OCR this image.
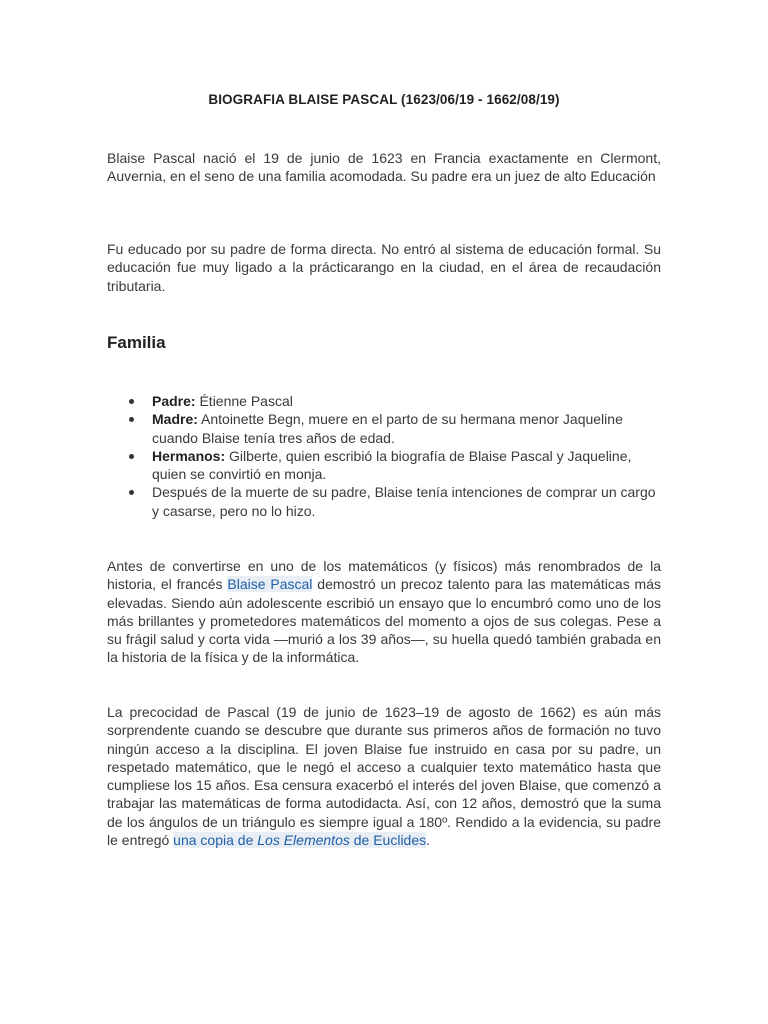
BIOGRAFIA BLAISE PASCAL (1623/06/19 - 1662/08/19)

Blaise Pascal nació el 19 de junio de 1623 en Francia exactamente en Clermont, Auvernia, en el seno de una familia acomodada. Su padre era un juez de alto Educación

Fu educado por su padre de forma directa. No entró al sistema de educación formal. Su educación fue muy ligado a la prácticarango en la ciudad, en el área de recaudación tributaria.

Familia
Padre: Étienne Pascal
Madre: Antoinette Begn, muere en el parto de su hermana menor Jaqueline cuando Blaise tenía tres años de edad.
Hermanos: Gilberte, quien escribió la biografía de Blaise Pascal y Jaqueline, quien se convirtió en monja.
Después de la muerte de su padre, Blaise tenía intenciones de comprar un cargo y casarse, pero no lo hizo.

Antes de convertirse en uno de los matemáticos (y físicos) más renombrados de la historia, el francés Blaise Pascal demostró un precoz talento para las matemáticas más elevadas. Siendo aún adolescente escribió un ensayo que lo encumbró como uno de los más brillantes y prometedores matemáticos del momento a ojos de sus colegas. Pese a su frágil salud y corta vida —murió a los 39 años—, su huella quedó también grabada en la historia de la física y de la informática.

La precocidad de Pascal (19 de junio de 1623–19 de agosto de 1662) es aún más sorprendente cuando se descubre que durante sus primeros años de formación no tuvo ningún acceso a la disciplina. El joven Blaise fue instruido en casa por su padre, un respetado matemático, que le negó el acceso a cualquier texto matemático hasta que cumpliese los 15 años. Esa censura exacerbó el interés del joven Blaise, que comenzó a trabajar las matemáticas de forma autodidacta. Así, con 12 años, demostró que la suma de los ángulos de un triángulo es siempre igual a 180º. Rendido a la evidencia, su padre le entregó una copia de Los Elementos de Euclides.
